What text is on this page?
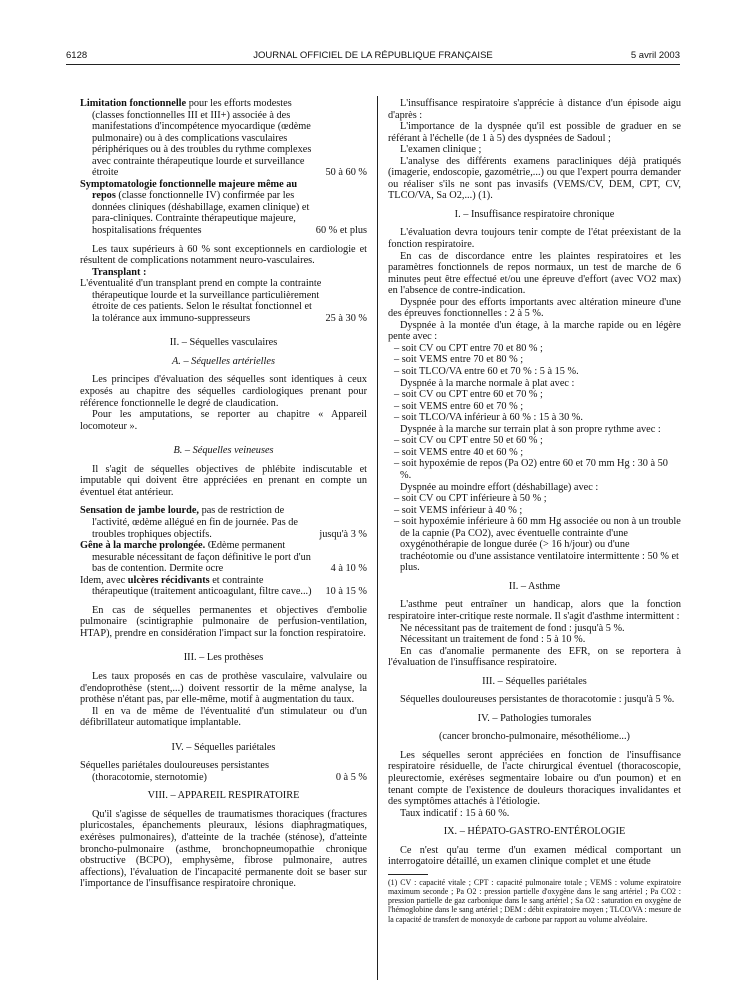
6128	JOURNAL OFFICIEL DE LA RÉPUBLIQUE FRANÇAISE	5 avril 2003

Limitation fonctionnelle pour les efforts modestes (classes fonctionnelles III et III+) associée à des manifestations d'incompétence myocardique (œdème pulmonaire) ou à des complications vasculaires périphériques ou à des troubles du rythme complexes avec contrainte thérapeutique lourde et surveillance étroite	50 à 60 %

Symptomatologie fonctionnelle majeure même au repos (classe fonctionnelle IV) confirmée par les données cliniques (déshabillage, examen clinique) et para-cliniques. Contrainte thérapeutique majeure, hospitalisations fréquentes	60 % et plus

Les taux supérieurs à 60 % sont exceptionnels en cardiologie et résultent de complications notamment neuro-vasculaires.

Transplant :

L'éventualité d'un transplant prend en compte la contrainte thérapeutique lourde et la surveillance particulièrement étroite de ces patients. Selon le résultat fonctionnel et la tolérance aux immuno-suppresseurs	25 à 30 %

II. – Séquelles vasculaires

A. – Séquelles artérielles

Les principes d'évaluation des séquelles sont identiques à ceux exposés au chapitre des séquelles cardiologiques prenant pour référence fonctionnelle le degré de claudication.

Pour les amputations, se reporter au chapitre « Appareil locomoteur ».

B. – Séquelles veineuses

Il s'agit de séquelles objectives de phlébite indiscutable et imputable qui doivent être appréciées en prenant en compte un éventuel état antérieur.

Sensation de jambe lourde, pas de restriction de l'activité, œdème allégué en fin de journée. Pas de troubles trophiques objectifs.	jusqu'à 3 %

Gêne à la marche prolongée. Œdème permanent mesurable nécessitant de façon définitive le port d'un bas de contention. Dermite ocre	4 à 10 %

Idem, avec ulcères récidivants et contrainte thérapeutique (traitement anticoagulant, filtre cave...)	10 à 15 %

En cas de séquelles permanentes et objectives d'embolie pulmonaire (scintigraphie pulmonaire de perfusion-ventilation, HTAP), prendre en considération l'impact sur la fonction respiratoire.

III. – Les prothèses

Les taux proposés en cas de prothèse vasculaire, valvulaire ou d'endoprothèse (stent,...) doivent ressortir de la même analyse, la prothèse n'étant pas, par elle-même, motif à augmentation du taux.

Il en va de même de l'éventualité d'un stimulateur ou d'un défibrillateur automatique implantable.

IV. – Séquelles pariétales

Séquelles pariétales douloureuses persistantes (thoracotomie, sternotomie)	0 à 5 %

VIII. – APPAREIL RESPIRATOIRE

Qu'il s'agisse de séquelles de traumatismes thoraciques (fractures pluricostales, épanchements pleuraux, lésions diaphragmatiques, exérèses pulmonaires), d'atteinte de la trachée (sténose), d'atteinte broncho-pulmonaire (asthme, bronchopneumopathie chronique obstructive (BCPO), emphysème, fibrose pulmonaire, autres affections), l'évaluation de l'incapacité permanente doit se baser sur l'importance de l'insuffisance respiratoire chronique.

L'insuffisance respiratoire s'apprécie à distance d'un épisode aigu d'après :

L'importance de la dyspnée qu'il est possible de graduer en se référant à l'échelle (de 1 à 5) des dyspnées de Sadoul ;

L'examen clinique ;

L'analyse des différents examens paracliniques déjà pratiqués (imagerie, endoscopie, gazométrie,...) ou que l'expert pourra demander ou réaliser s'ils ne sont pas invasifs (VEMS/CV, DEM, CPT, CV, TLCO/VA, Sa O2,...) (1).

I. – Insuffisance respiratoire chronique

L'évaluation devra toujours tenir compte de l'état préexistant de la fonction respiratoire.

En cas de discordance entre les plaintes respiratoires et les paramètres fonctionnels de repos normaux, un test de marche de 6 minutes peut être effectué et/ou une épreuve d'effort (avec VO2 max) en l'absence de contre-indication.

Dyspnée pour des efforts importants avec altération mineure d'une des épreuves fonctionnelles : 2 à 5 %.

Dyspnée à la montée d'un étage, à la marche rapide ou en légère pente avec :

– soit CV ou CPT entre 70 et 80 % ;

– soit VEMS entre 70 et 80 % ;

– soit TLCO/VA entre 60 et 70 % : 5 à 15 %.

Dyspnée à la marche normale à plat avec :

– soit CV ou CPT entre 60 et 70 % ;

– soit VEMS entre 60 et 70 % ;

– soit TLCO/VA inférieur à 60 % : 15 à 30 %.

Dyspnée à la marche sur terrain plat à son propre rythme avec :

– soit CV ou CPT entre 50 et 60 % ;

– soit VEMS entre 40 et 60 % ;

– soit hypoxémie de repos (Pa O2) entre 60 et 70 mm Hg : 30 à 50 %.

Dyspnée au moindre effort (déshabillage) avec :

– soit CV ou CPT inférieure à 50 % ;

– soit VEMS inférieur à 40 % ;

– soit hypoxémie inférieure à 60 mm Hg associée ou non à un trouble de la capnie (Pa CO2), avec éventuelle contrainte d'une oxygénothérapie de longue durée (> 16 h/jour) ou d'une trachéotomie ou d'une assistance ventilatoire intermittente : 50 % et plus.

II. – Asthme

L'asthme peut entraîner un handicap, alors que la fonction respiratoire inter-critique reste normale. Il s'agit d'asthme intermittent :

Ne nécessitant pas de traitement de fond : jusqu'à 5 %.

Nécessitant un traitement de fond : 5 à 10 %.

En cas d'anomalie permanente des EFR, on se reportera à l'évaluation de l'insuffisance respiratoire.

III. – Séquelles pariétales

Séquelles douloureuses persistantes de thoracotomie : jusqu'à 5 %.

IV. – Pathologies tumorales

(cancer broncho-pulmonaire, mésothéliome...)

Les séquelles seront appréciées en fonction de l'insuffisance respiratoire résiduelle, de l'acte chirurgical éventuel (thoracoscopie, pleurectomie, exérèses segmentaire lobaire ou d'un poumon) et en tenant compte de l'existence de douleurs thoraciques invalidantes et des symptômes attachés à l'étiologie.

Taux indicatif : 15 à 60 %.

IX. – HÉPATO-GASTRO-ENTÉROLOGIE

Ce n'est qu'au terme d'un examen médical comportant un interrogatoire détaillé, un examen clinique complet et une étude

(1) CV : capacité vitale ; CPT : capacité pulmonaire totale ; VEMS : volume expiratoire maximum seconde ; Pa O2 : pression partielle d'oxygène dans le sang artériel ; Pa CO2 : pression partielle de gaz carbonique dans le sang artériel ; Sa O2 : saturation en oxygène de l'hémoglobine dans le sang artériel ; DEM : débit expiratoire moyen ; TLCO/VA : mesure de la capacité de transfert de monoxyde de carbone par rapport au volume alvéolaire.
